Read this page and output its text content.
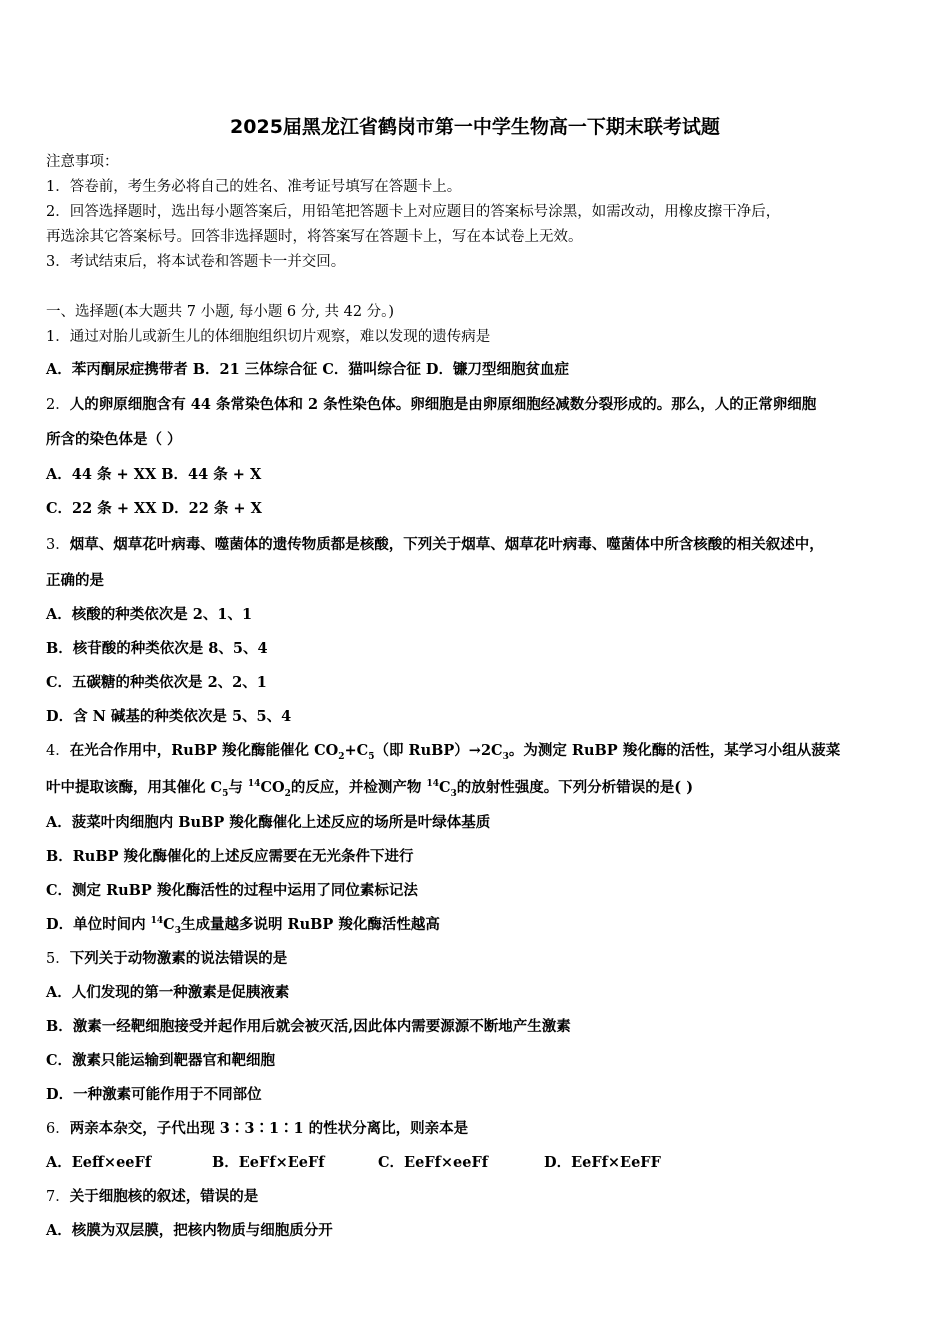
2025届黑龙江省鹤岗市第一中学生物高一下期末联考试题
注意事项：
1．答卷前，考生务必将自己的姓名、准考证号填写在答题卡上。
2．回答选择题时，选出每小题答案后，用铅笔把答题卡上对应题目的答案标号涂黑，如需改动，用橡皮擦干净后，
再选涂其它答案标号。回答非选择题时，将答案写在答题卡上，写在本试卷上无效。
3．考试结束后，将本试卷和答题卡一并交回。
一、选择题(本大题共 7 小题, 每小题 6 分, 共 42 分。)
1．通过对胎儿或新生儿的体细胞组织切片观察，难以发现的遗传病是
A．苯丙酮尿症携带者 B．21 三体综合征 C．猫叫综合征 D．镰刀型细胞贫血症
2．人的卵原细胞含有 44 条常染色体和 2 条性染色体。卵细胞是由卵原细胞经减数分裂形成的。那么，人的正常卵细胞
所含的染色体是（ ）
A．44 条 + XX B．44 条 + X
C．22 条 + XX D．22 条 + X
3．烟草、烟草花叶病毒、噬菌体的遗传物质都是核酸，下列关于烟草、烟草花叶病毒、噬菌体中所含核酸的相关叙述中，
正确的是
A．核酸的种类依次是 2、1、1
B．核苷酸的种类依次是 8、5、4
C．五碳糖的种类依次是 2、2、1
D．含 N 碱基的种类依次是 5、5、4
4．在光合作用中，RuBP 羧化酶能催化 $CO_2+C_5$（即 $RuBP)\to 2C_3$。为测定 RuBP 羧化酶的活性，某学习小组从菠菜
叶中提取该酶，用其催化 $C_5$与 $^{14}CO_2$的反应，并检测产物 $^{14}C_3$的放射性强度。下列分析错误的是( )
A．菠菜叶肉细胞内 BuBP 羧化酶催化上述反应的场所是叶绿体基质
B．RuBP 羧化酶催化的上述反应需要在无光条件下进行
C．测定 RuBP 羧化酶活性的过程中运用了同位素标记法
D．单位时间内 $^{14}C_3$生成量越多说明 RuBP 羧化酶活性越高
5．下列关于动物激素的说法错误的是
A．人们发现的第一种激素是促胰液素
B．激素一经靶细胞接受并起作用后就会被灭活,因此体内需要源源不断地产生激素
C．激素只能运输到靶器官和靶细胞
D．一种激素可能作用于不同部位
6．两亲本杂交，子代出现 3∶3∶1∶1 的性状分离比，则亲本是
A．Eeff×eeFf	B．EeFf×EeFf	C．EeFf×eeFf	D．EeFf×EeFF
7．关于细胞核的叙述，错误的是
A．核膜为双层膜，把核内物质与细胞质分开
